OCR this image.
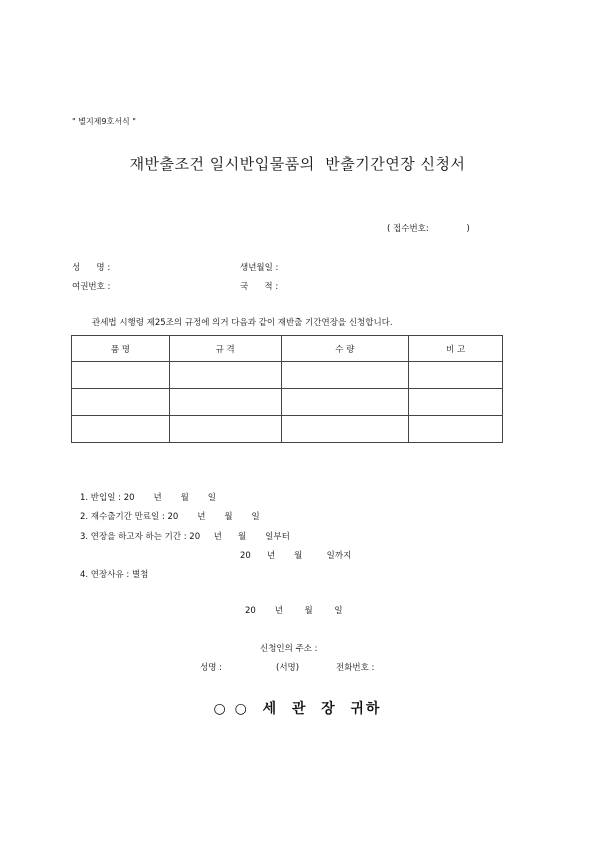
" 별지제9호서식 "
재반출조건 일시반입물품의  반출기간연장 신청서
( 접수번호:              )
성      명 :	생년월일 :
여권번호 :	국      적 :
관세법 시행령 제25조의 규정에 의거 다음과 같이 재반출 기간연장을 신청합니다.
품 명	규 격	수 량	비 고

1. 반입일 : 20       년       월       일
2. 재수출기간 만료일 : 20       년       월       일
3. 연장을 하고자 하는 기간 : 20     년      월       일부터
20      년       월         일까지
4. 연장사유 : 별첨
20       년        월        일
신청인의 주소 :
성명 :	(서명)	전화번호 :
○ ○  세  관  장  귀하
